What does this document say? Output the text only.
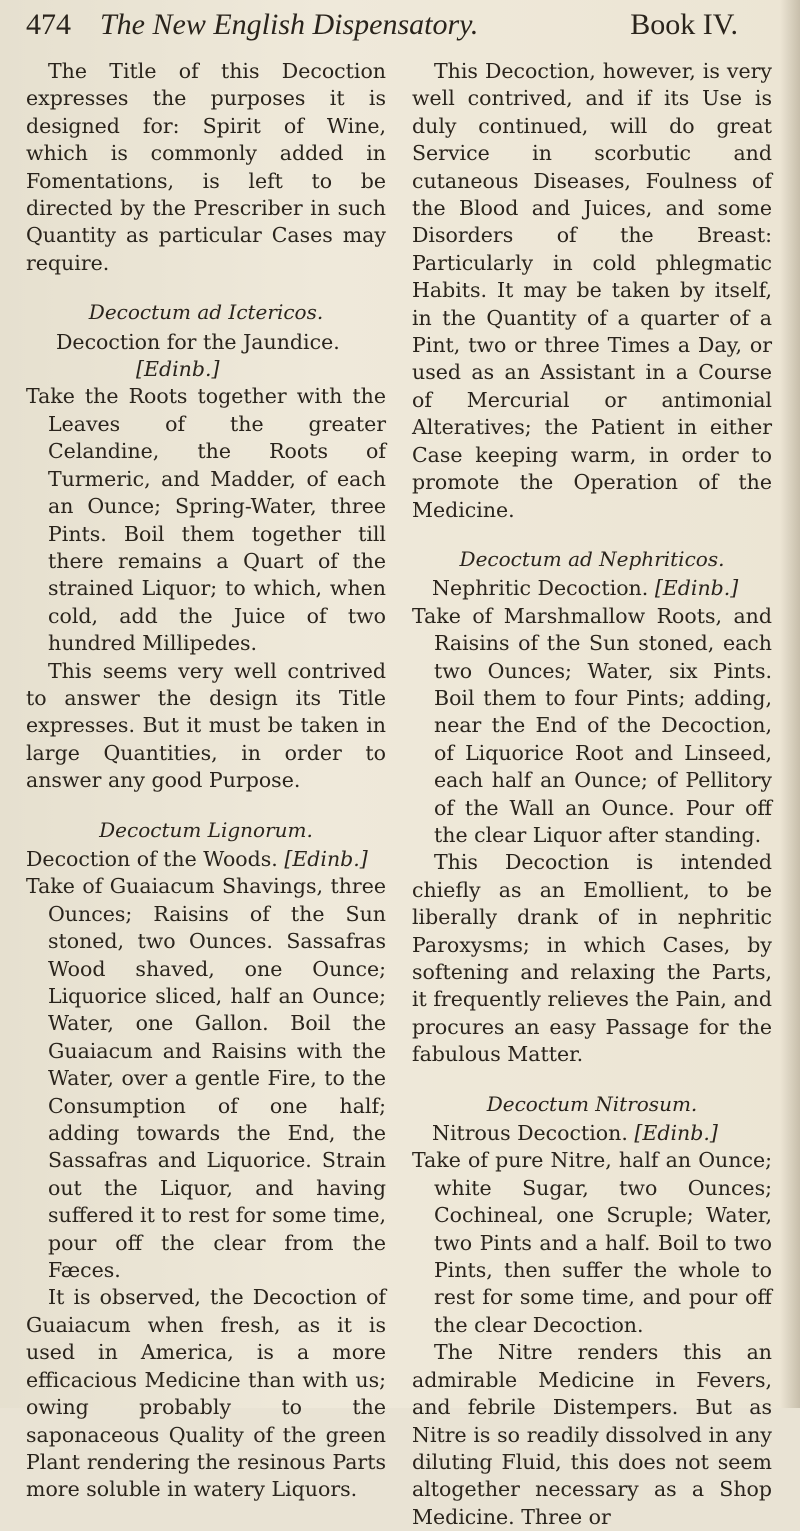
474 The New English Dispensatory.	Book IV.

The Title of this Decoction expresses the purposes it is designed for: Spirit of Wine, which is commonly added in Fomentations, is left to be directed by the Prescriber in such Quantity as particular Cases may require.

Decoctum ad Ictericos.

Decoction for the Jaundice.

[Edinb.]

Take the Roots together with the Leaves of the greater Celandine, the Roots of Turmeric, and Madder, of each an Ounce; Spring-Water, three Pints. Boil them together till there remains a Quart of the strained Liquor; to which, when cold, add the Juice of two hundred Millipedes.

This seems very well contrived to answer the design its Title expresses. But it must be taken in large Quantities, in order to answer any good Purpose.

Decoctum Lignorum.

Decoction of the Woods. [Edinb.]

Take of Guaiacum Shavings, three Ounces; Raisins of the Sun stoned, two Ounces. Sassafras Wood shaved, one Ounce; Liquorice sliced, half an Ounce; Water, one Gallon. Boil the Guaiacum and Raisins with the Water, over a gentle Fire, to the Consumption of one half; adding towards the End, the Sassafras and Liquorice. Strain out the Liquor, and having suffered it to rest for some time, pour off the clear from the Fæces.

It is observed, the Decoction of Guaiacum when fresh, as it is used in America, is a more efficacious Medicine than with us; owing probably to the saponaceous Quality of the green Plant rendering the resinous Parts more soluble in watery Liquors.

This Decoction, however, is very well contrived, and if its Use is duly continued, will do great Service in scorbutic and cutaneous Diseases, Foulness of the Blood and Juices, and some Disorders of the Breast: Particularly in cold phlegmatic Habits. It may be taken by itself, in the Quantity of a quarter of a Pint, two or three Times a Day, or used as an Assistant in a Course of Mercurial or antimonial Alteratives; the Patient in either Case keeping warm, in order to promote the Operation of the Medicine.

Decoctum ad Nephriticos.

Nephritic Decoction. [Edinb.]

Take of Marshmallow Roots, and Raisins of the Sun stoned, each two Ounces; Water, six Pints. Boil them to four Pints; adding, near the End of the Decoction, of Liquorice Root and Linseed, each half an Ounce; of Pellitory of the Wall an Ounce. Pour off the clear Liquor after standing.

This Decoction is intended chiefly as an Emollient, to be liberally drank of in nephritic Paroxysms; in which Cases, by softening and relaxing the Parts, it frequently relieves the Pain, and procures an easy Passage for the fabulous Matter.

Decoctum Nitrosum.

Nitrous Decoction. [Edinb.]

Take of pure Nitre, half an Ounce; white Sugar, two Ounces; Cochineal, one Scruple; Water, two Pints and a half. Boil to two Pints, then suffer the whole to rest for some time, and pour off the clear Decoction.

The Nitre renders this an admirable Medicine in Fevers, and febrile Distempers. But as Nitre is so readily dissolved in any diluting Fluid, this does not seem altogether necessary as a Shop Medicine. Three or
